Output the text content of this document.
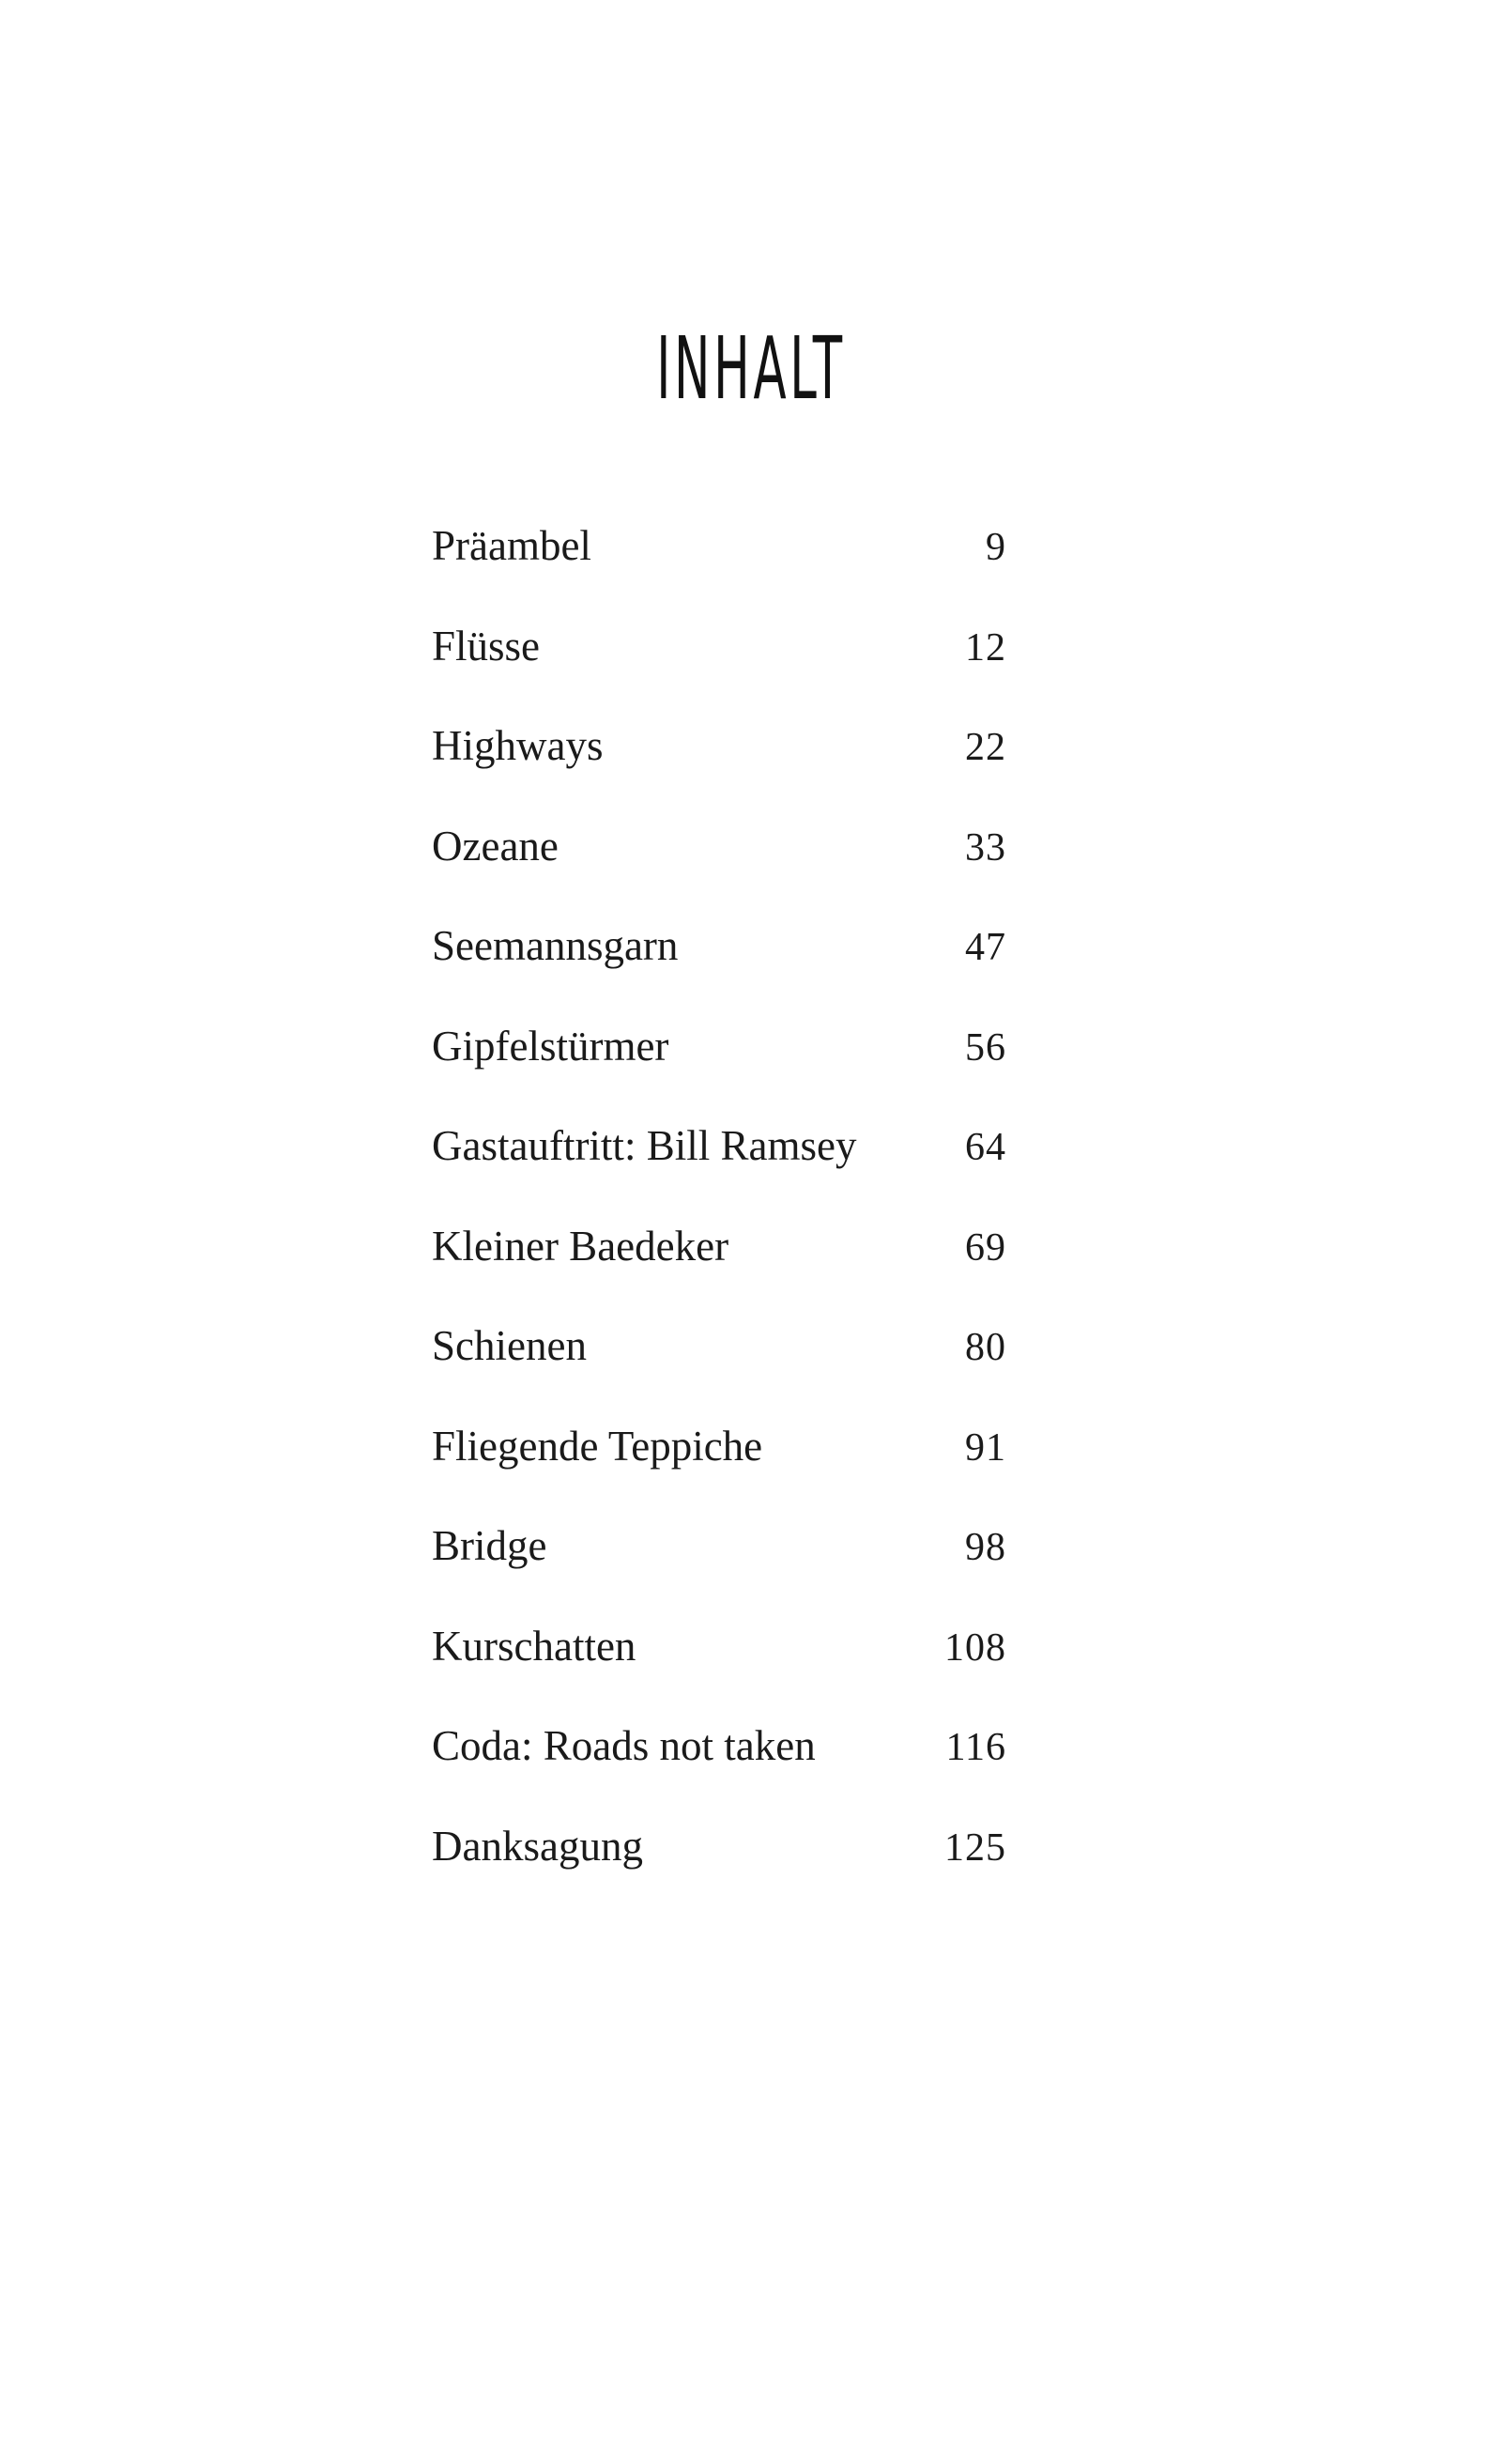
INHALT
Präambel	9
Flüsse	12
Highways	22
Ozeane	33
Seemannsgarn	47
Gipfelstürmer	56
Gastauftritt: Bill Ramsey	64
Kleiner Baedeker	69
Schienen	80
Fliegende Teppiche	91
Bridge	98
Kurschatten	108
Coda: Roads not taken	116
Danksagung	125
